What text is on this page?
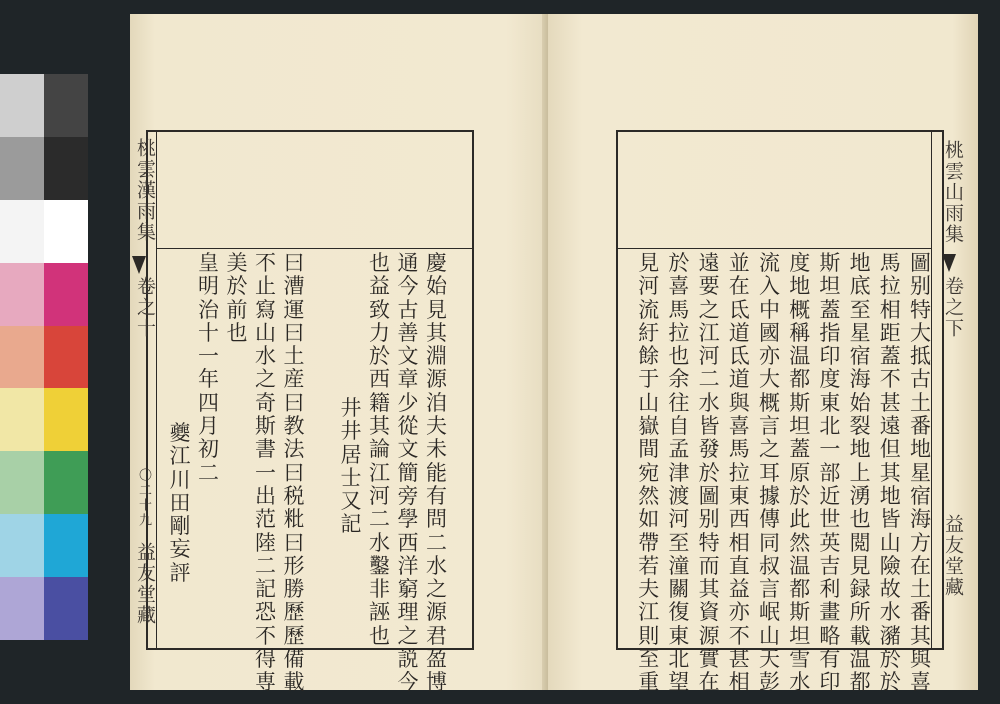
桃雲漢雨集
卷之十
〇二十九
益友堂藏
慶
始
見
其
淵
源
洎
夫
未
能
有
問
二
水
之
源
君
盈
博
通
今
古
善
文
章
少
從
文
簡
旁
學
西
洋
窮
理
之
説
今
也
益
致
力
於
西
籍
其
論
江
河
二
水
鑿
非
誣
也
井
井
居
士
又
記
曰
漕
運
曰
土
産
曰
教
法
曰
税
粃
曰
形
勝
歷
歷
備
載
不
止
寫
山
水
之
奇
斯
書
一
出
范
陸
二
記
恐
不
得
専
美
於
前
也
皇
明
治
十
一
年
四
月
初
二
夔
江
川
田
剛
妄
評
桃雲山雨集
卷之下
益友堂藏
圖
别
特
大
抵
古
土
番
地
星
宿
海
方
在
土
番
其
與
喜
馬
拉
相
距
蓋
不
甚
遠
但
其
地
皆
山
險
故
水
瀦
於
於
地
底
至
星
宿
海
始
裂
地
上
湧
也
閲
見
録
所
載
温
都
斯
坦
蓋
指
印
度
東
北
一
部
近
世
英
吉
利
畫
略
有
印
度
地
概
稱
温
都
斯
坦
蓋
原
於
此
然
温
都
斯
坦
雪
水
流
入
中
國
亦
大
概
言
之
耳
據
傳
同
叔
言
岷
山
天
彭
並
在
氐
道
氐
道
與
喜
馬
拉
東
西
相
直
益
亦
不
甚
相
遠
要
之
江
河
二
水
皆
發
於
圖
别
特
而
其
資
源
實
在
於
喜
馬
拉
也
余
往
自
孟
津
渡
河
至
潼
關
復
東
北
望
見
河
流
紆
餘
于
山
嶽
間
宛
然
如
帶
若
夫
江
則
至
重
